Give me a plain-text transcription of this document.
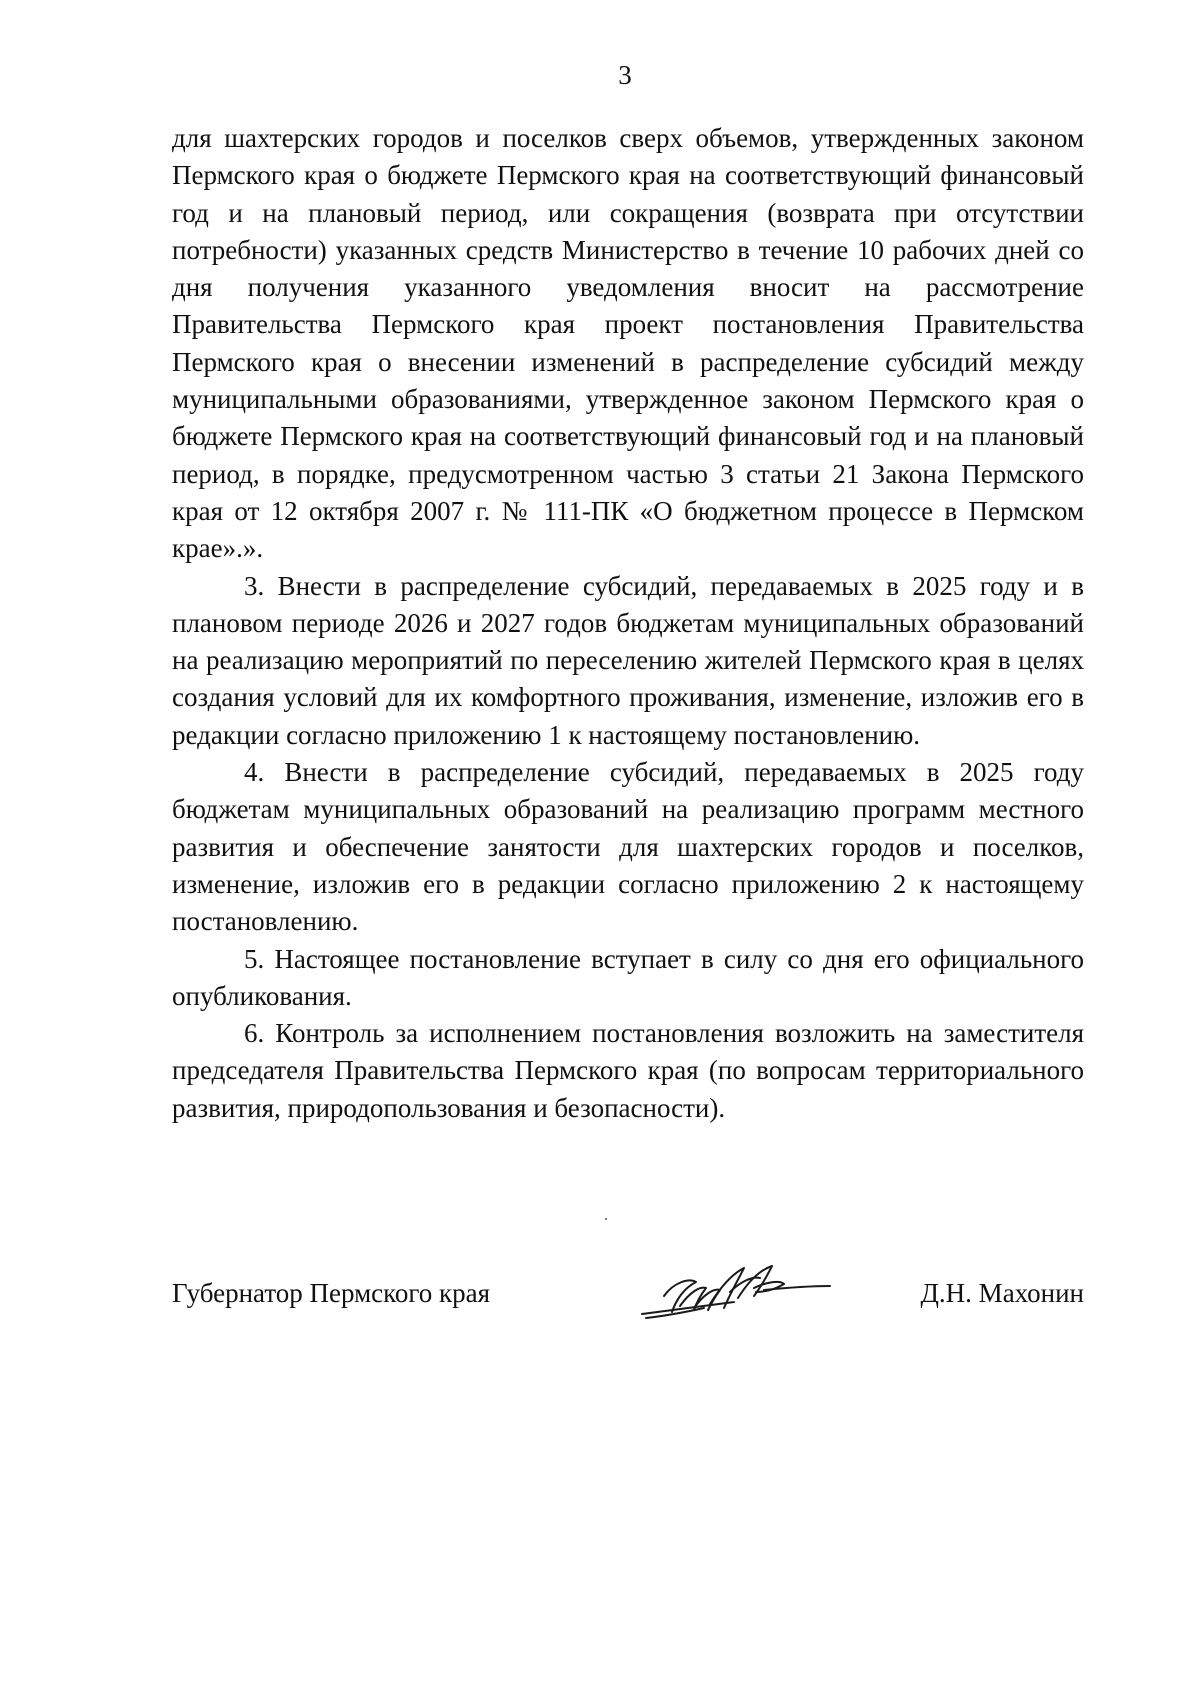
3

для шахтерских городов и поселков сверх объемов, утвержденных законом Пермского края о бюджете Пермского края на соответствующий финансовый год и на плановый период, или сокращения (возврата при отсутствии потребности) указанных средств Министерство в течение 10 рабочих дней со дня получения указанного уведомления вносит на рассмотрение Правительства Пермского края проект постановления Правительства Пермского края о внесении изменений в распределение субсидий между муниципальными образованиями, утвержденное законом Пермского края о бюджете Пермского края на соответствующий финансовый год и на плановый период, в порядке, предусмотренном частью 3 статьи 21 Закона Пермского края от 12 октября 2007 г. № 111-ПК «О бюджетном процессе в Пермском крае».».

3. Внести в распределение субсидий, передаваемых в 2025 году и в плановом периоде 2026 и 2027 годов бюджетам муниципальных образований на реализацию мероприятий по переселению жителей Пермского края в целях создания условий для их комфортного проживания, изменение, изложив его в редакции согласно приложению 1 к настоящему постановлению.

4. Внести в распределение субсидий, передаваемых в 2025 году бюджетам муниципальных образований на реализацию программ местного развития и обеспечение занятости для шахтерских городов и поселков, изменение, изложив его в редакции согласно приложению 2 к настоящему постановлению.

5. Настоящее постановление вступает в силу со дня его официального опубликования.

6. Контроль за исполнением постановления возложить на заместителя председателя Правительства Пермского края (по вопросам территориального развития, природопользования и безопасности).

Губернатор Пермского края	Д.Н. Махонин
